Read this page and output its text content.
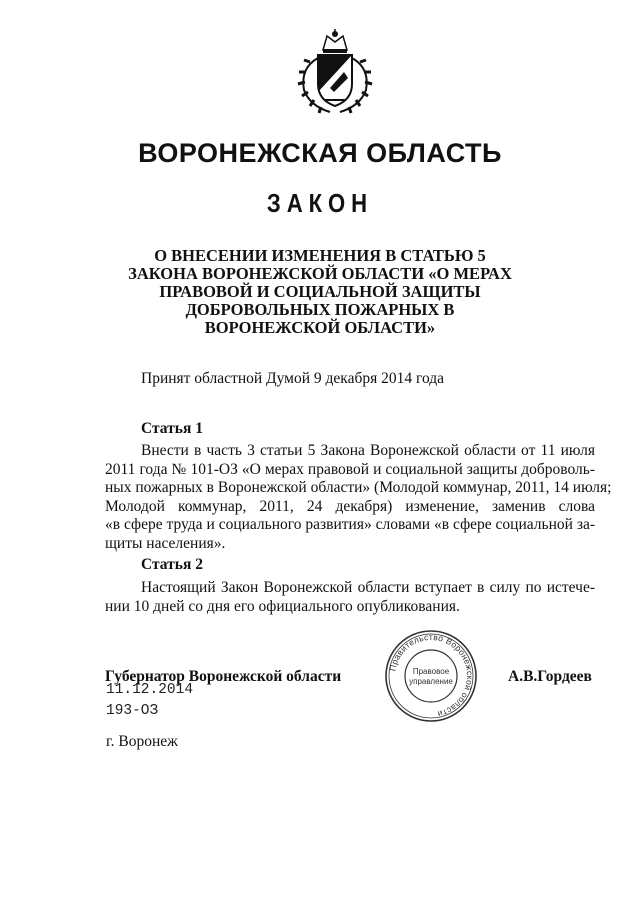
ВОРОНЕЖСКАЯ ОБЛАСТЬ
ЗАКОН
О ВНЕСЕНИИ ИЗМЕНЕНИЯ В СТАТЬЮ 5
ЗАКОНА ВОРОНЕЖСКОЙ ОБЛАСТИ «О МЕРАХ
ПРАВОВОЙ И СОЦИАЛЬНОЙ ЗАЩИТЫ
ДОБРОВОЛЬНЫХ ПОЖАРНЫХ В
ВОРОНЕЖСКОЙ ОБЛАСТИ»
Принят областной Думой 9 декабря 2014 года
Статья 1
Внести в часть 3 статьи 5 Закона Воронежской области от 11 июля
2011 года № 101-ОЗ «О мерах правовой и социальной защиты доброволь-
ных пожарных в Воронежской области» (Молодой коммунар, 2011, 14 июля;
Молодой коммунар, 2011, 24 декабря) изменение, заменив слова
«в сфере труда и социального развития» словами «в сфере социальной за-
щиты населения».
Статья 2
Настоящий Закон Воронежской области вступает в силу по истече-
нии 10 дней со дня его официального опубликования.
Правительство Воронежской области
Правовое
управление
Губернатор Воронежской области	А.В.Гордеев
11.12.2014
193-ОЗ
г. Воронеж
